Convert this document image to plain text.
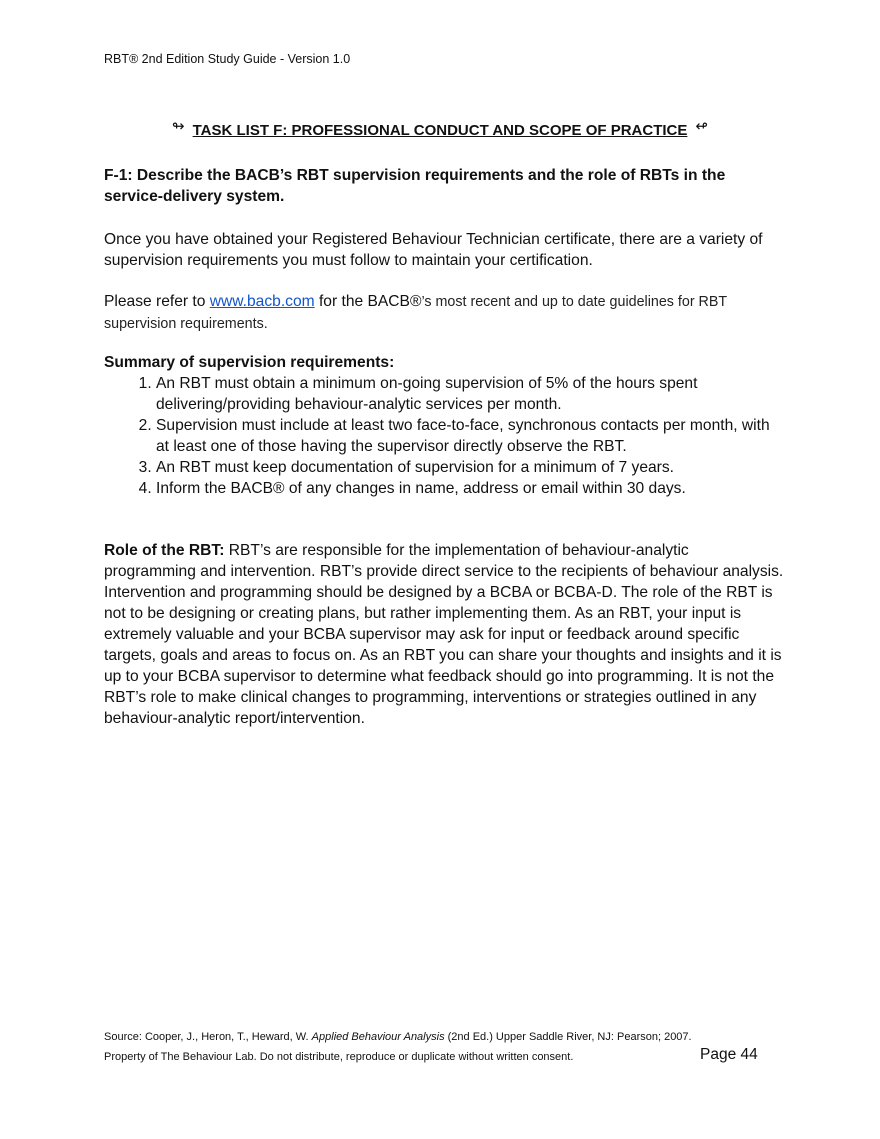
RBT® 2nd Edition Study Guide - Version 1.0
↬ TASK LIST F: PROFESSIONAL CONDUCT AND SCOPE OF PRACTICE ↫
F-1: Describe the BACB’s RBT supervision requirements and the role of RBTs in the service-delivery system.
Once you have obtained your Registered Behaviour Technician certificate, there are a variety of supervision requirements you must follow to maintain your certification.
Please refer to www.bacb.com for the BACB®’s most recent and up to date guidelines for RBT supervision requirements.

Summary of supervision requirements:

1. An RBT must obtain a minimum on-going supervision of 5% of the hours spent delivering/providing behaviour-analytic services per month.
2. Supervision must include at least two face-to-face, synchronous contacts per month, with at least one of those having the supervisor directly observe the RBT.
3. An RBT must keep documentation of supervision for a minimum of 7 years.
4. Inform the BACB® of any changes in name, address or email within 30 days.
Role of the RBT: RBT’s are responsible for the implementation of behaviour-analytic programming and intervention. RBT’s provide direct service to the recipients of behaviour analysis. Intervention and programming should be designed by a BCBA or BCBA-D. The role of the RBT is not to be designing or creating plans, but rather implementing them. As an RBT, your input is extremely valuable and your BCBA supervisor may ask for input or feedback around specific targets, goals and areas to focus on. As an RBT you can share your thoughts and insights and it is up to your BCBA supervisor to determine what feedback should go into programming. It is not the RBT’s role to make clinical changes to programming, interventions or strategies outlined in any behaviour-analytic report/intervention.
Source: Cooper, J., Heron, T., Heward, W. Applied Behaviour Analysis (2nd Ed.) Upper Saddle River, NJ: Pearson; 2007.
Property of The Behaviour Lab. Do not distribute, reproduce or duplicate without written consent.	Page 44
